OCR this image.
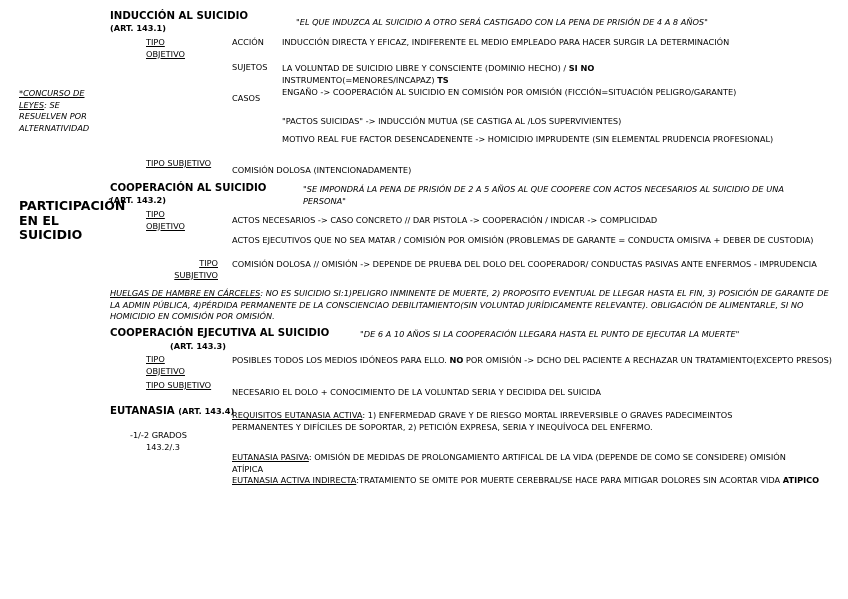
*CONCURSO DE LEYES: SE RESUELVEN POR ALTERNATIVIDAD
PARTICIPACIÓN EN EL SUICIDIO
INDUCCIÓN AL SUICIDIO
(ART. 143.1)
"EL QUE INDUZCA AL SUICIDIO A OTRO SERÁ CASTIGADO CON LA PENA DE PRISIÓN DE 4 A 8 AÑOS"
TIPO OBJETIVO
ACCIÓN	INDUCCIÓN DIRECTA Y EFICAZ, INDIFERENTE EL MEDIO EMPLEADO PARA HACER SURGIR LA DETERMINACIÓN
SUJETOS	LA VOLUNTAD DE SUICIDIO LIBRE Y CONSCIENTE (DOMINIO HECHO) / SI NO INSTRUMENTO(=MENORES/INCAPAZ) TS
CASOS
ENGAÑO -> COOPERACIÓN AL SUICIDIO EN COMISIÓN POR OMISIÓN (FICCIÓN=SITUACIÓN PELIGRO/GARANTE)
"PACTOS SUICIDAS" -> INDUCCIÓN MUTUA (SE CASTIGA AL /LOS SUPERVIVIENTES)
MOTIVO REAL FUE FACTOR DESENCADENENTE -> HOMICIDIO IMPRUDENTE (SIN ELEMENTAL PRUDENCIA PROFESIONAL)
TIPO SUBJETIVO
COMISIÓN DOLOSA (INTENCIONADAMENTE)
COOPERACIÓN AL SUICIDIO
(ART. 143.2)
"SE IMPONDRÁ LA PENA DE PRISIÓN DE 2 A 5 AÑOS AL QUE COOPERE CON ACTOS NECESARIOS AL SUICIDIO DE UNA PERSONA"
TIPO OBJETIVO
ACTOS NECESARIOS -> CASO CONCRETO // DAR PISTOLA -> COOPERACIÓN / INDICAR -> COMPLICIDAD
ACTOS EJECUTIVOS QUE NO SEA MATAR / COMISIÓN POR OMISIÓN (PROBLEMAS DE GARANTE = CONDUCTA OMISIVA + DEBER DE CUSTODIA)
TIPO SUBJETIVO
COMISIÓN DOLOSA // OMISIÓN -> DEPENDE DE PRUEBA DEL DOLO DEL COOPERADOR/ CONDUCTAS PASIVAS ANTE ENFERMOS - IMPRUDENCIA
HUELGAS DE HAMBRE EN CÁRCELES: NO ES SUICIDIO SI:1)PELIGRO INMINENTE DE MUERTE, 2) PROPOSITO EVENTUAL DE LLEGAR HASTA EL FIN, 3) POSICIÓN DE GARANTE DE LA ADMIN PÚBLICA, 4)PÉRDIDA PERMANENTE DE LA CONSCIENCIAO DEBILITAMIENTO(SIN VOLUNTAD JURÍDICAMENTE RELEVANTE). OBLIGACIÓN DE ALIMENTARLE, SI NO HOMICIDIO EN COMISIÓN POR OMISIÓN.
COOPERACIÓN EJECUTIVA AL SUICIDIO
(ART. 143.3)
"DE 6 A 10 AÑOS SI LA COOPERACIÓN LLEGARA HASTA EL PUNTO DE EJECUTAR LA MUERTE"
TIPO OBJETIVO
POSIBLES TODOS LOS MEDIOS IDÓNEOS PARA ELLO. NO POR OMISIÓN -> DCHO DEL PACIENTE A RECHAZAR UN TRATAMIENTO(EXCEPTO PRESOS)
TIPO SUBJETIVO
NECESARIO EL DOLO + CONOCIMIENTO DE LA VOLUNTAD SERIA Y DECIDIDA DEL SUICIDA
EUTANASIA (ART. 143.4)
-1/-2 GRADOS
143.2/.3
REQUISITOS EUTANASIA ACTIVA: 1) ENFERMEDAD GRAVE Y DE RIESGO MORTAL IRREVERSIBLE O GRAVES PADECIMEINTOS PERMANENTES Y DIFÍCILES DE SOPORTAR, 2) PETICIÓN EXPRESA, SERIA Y INEQUÍVOCA DEL ENFERMO.
EUTANASIA PASIVA: OMISIÓN DE MEDIDAS DE PROLONGAMIENTO ARTIFICAL DE LA VIDA (DEPENDE DE COMO SE CONSIDERE) OMISIÓN ATÍPICA
EUTANASIA ACTIVA INDIRECTA:TRATAMIENTO SE OMITE POR MUERTE CEREBRAL/SE HACE PARA MITIGAR DOLORES SIN ACORTAR VIDA ATIPICO
